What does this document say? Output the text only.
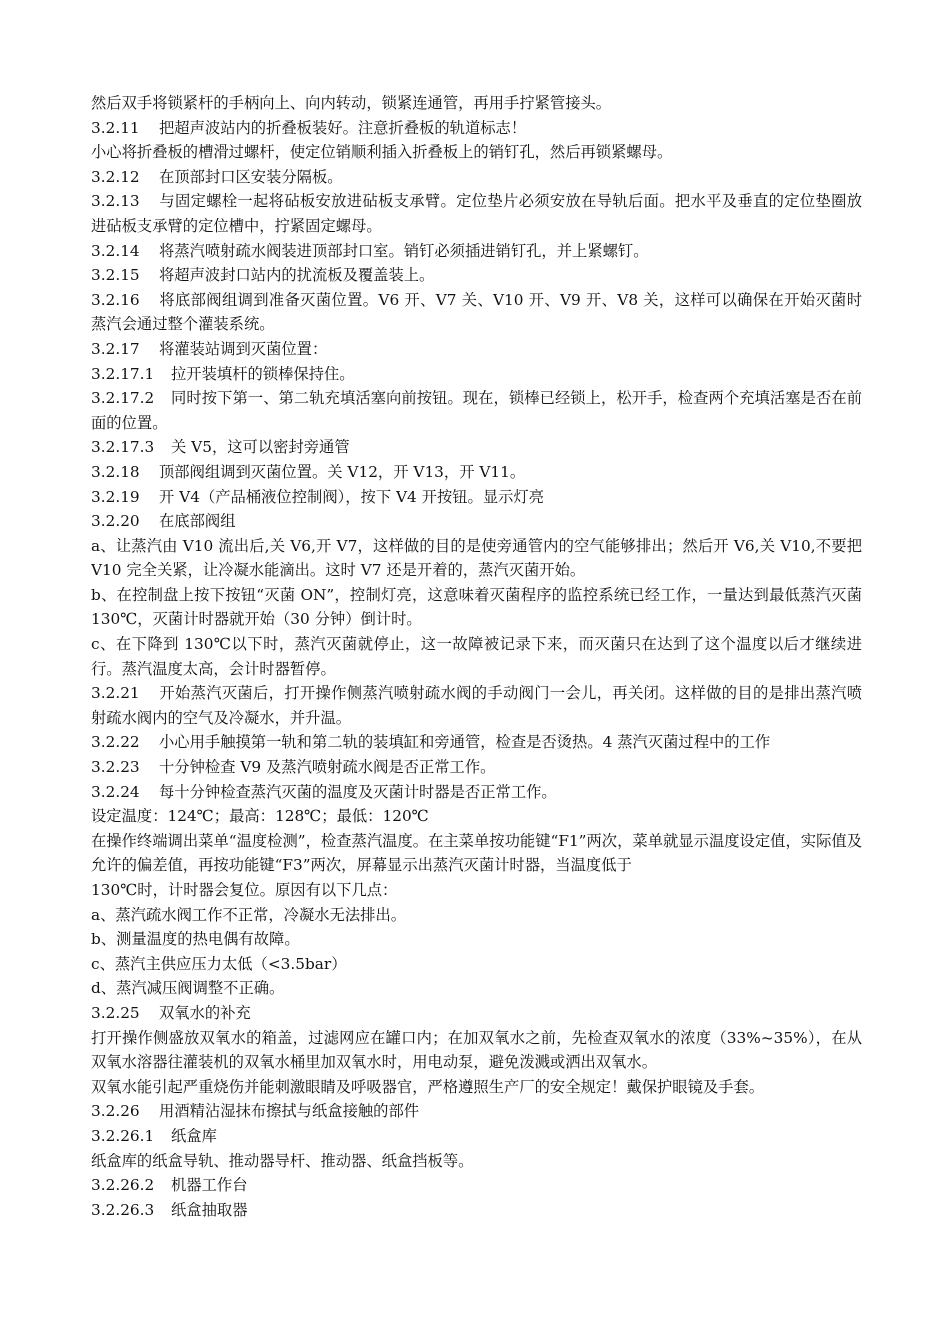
然后双手将锁紧杆的手柄向上、向内转动，锁紧连通管，再用手拧紧管接头。

3.2.11 把超声波站内的折叠板装好。注意折叠板的轨道标志！

小心将折叠板的槽滑过螺杆，使定位销顺利插入折叠板上的销钉孔，然后再锁紧螺母。

3.2.12 在顶部封口区安装分隔板。

3.2.13 与固定螺栓一起将砧板安放进砧板支承臂。定位垫片必须安放在导轨后面。把水平及垂直的定位垫圈放进砧板支承臂的定位槽中，拧紧固定螺母。

3.2.14 将蒸汽喷射疏水阀装进顶部封口室。销钉必须插进销钉孔，并上紧螺钉。

3.2.15 将超声波封口站内的扰流板及覆盖装上。

3.2.16 将底部阀组调到准备灭菌位置。V6 开、V7 关、V10 开、V9 开、V8 关，这样可以确保在开始灭菌时蒸汽会通过整个灌装系统。

3.2.17 将灌装站调到灭菌位置：

3.2.17.1 拉开装填杆的锁棒保持住。

3.2.17.2 同时按下第一、第二轨充填活塞向前按钮。现在，锁棒已经锁上，松开手，检查两个充填活塞是否在前面的位置。

3.2.17.3 关 V5，这可以密封旁通管

3.2.18 顶部阀组调到灭菌位置。关 V12，开 V13，开 V11。

3.2.19 开 V4（产品桶液位控制阀），按下 V4 开按钮。显示灯亮

3.2.20 在底部阀组

a、让蒸汽由 V10 流出后,关 V6,开 V7，这样做的目的是使旁通管内的空气能够排出；然后开 V6,关 V10,不要把 V10 完全关紧，让冷凝水能滴出。这时 V7 还是开着的，蒸汽灭菌开始。

b、在控制盘上按下按钮“灭菌 ON”，控制灯亮，这意味着灭菌程序的监控系统已经工作，一量达到最低蒸汽灭菌 130℃，灭菌计时器就开始（30 分钟）倒计时。

c、在下降到 130℃以下时，蒸汽灭菌就停止，这一故障被记录下来，而灭菌只在达到了这个温度以后才继续进行。蒸汽温度太高，会计时器暂停。

3.2.21 开始蒸汽灭菌后，打开操作侧蒸汽喷射疏水阀的手动阀门一会儿，再关闭。这样做的目的是排出蒸汽喷射疏水阀内的空气及冷凝水，并升温。

3.2.22 小心用手触摸第一轨和第二轨的装填缸和旁通管，检查是否烫热。4 蒸汽灭菌过程中的工作

3.2.23 十分钟检查 V9 及蒸汽喷射疏水阀是否正常工作。

3.2.24 每十分钟检查蒸汽灭菌的温度及灭菌计时器是否正常工作。

设定温度：124℃；最高：128℃；最低：120℃

在操作终端调出菜单“温度检测”，检查蒸汽温度。在主菜单按功能键“F1”两次，菜单就显示温度设定值，实际值及允许的偏差值，再按功能键“F3”两次，屏幕显示出蒸汽灭菌计时器，当温度低于

130℃时，计时器会复位。原因有以下几点：

a、蒸汽疏水阀工作不正常，冷凝水无法排出。

b、测量温度的热电偶有故障。

c、蒸汽主供应压力太低（<3.5bar）

d、蒸汽减压阀调整不正确。

3.2.25 双氧水的补充

打开操作侧盛放双氧水的箱盖，过滤网应在罐口内；在加双氧水之前，先检查双氧水的浓度（33%~35%），在从双氧水溶器往灌装机的双氧水桶里加双氧水时，用电动泵，避免泼溅或洒出双氧水。

双氧水能引起严重烧伤并能刺激眼睛及呼吸器官，严格遵照生产厂的安全规定！戴保护眼镜及手套。

3.2.26 用酒精沾湿抹布擦拭与纸盒接触的部件

3.2.26.1 纸盒库

纸盒库的纸盒导轨、推动器导杆、推动器、纸盒挡板等。

3.2.26.2 机器工作台

3.2.26.3 纸盒抽取器
